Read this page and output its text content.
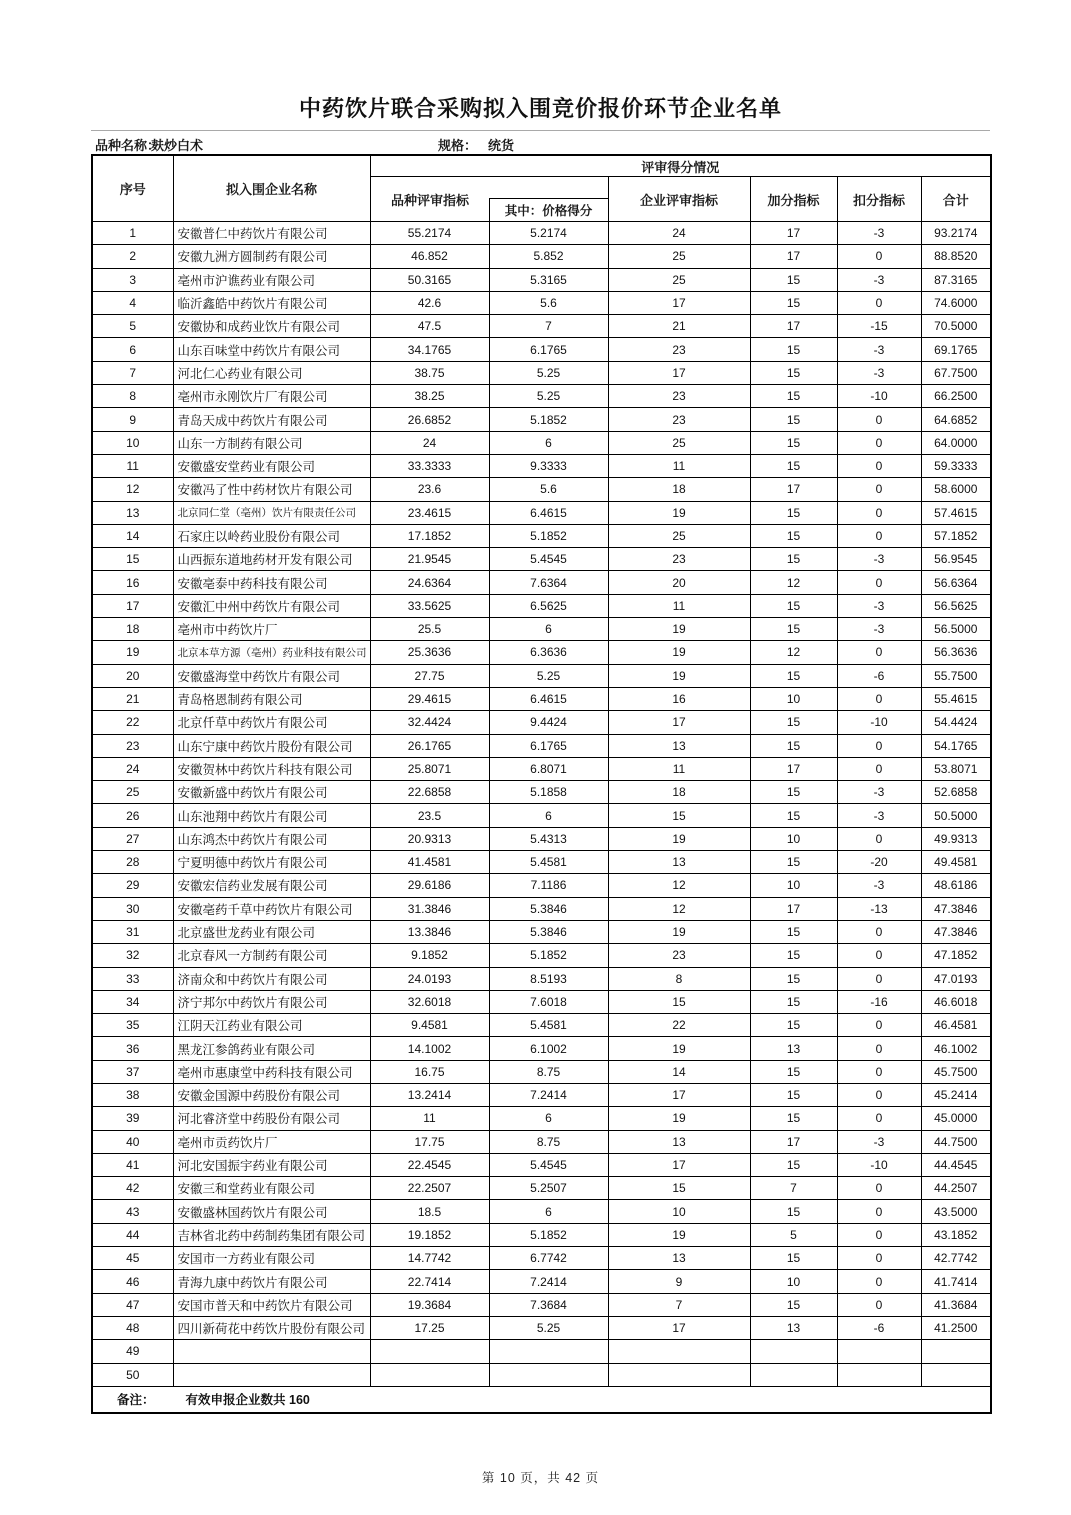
中药饮片联合采购拟入围竞价报价环节企业名单
品种名称：
麸炒白术	规格： 统货
序号	拟入围企业名称	评审得分情况					

品种评审指标
其中：价格得分		企业评审指标	加分指标	扣分指标	合计
1	安徽普仁中药饮片有限公司	55.2174	5.2174	24	17	-3	93.2174
2	安徽九洲方圆制药有限公司	46.852	5.852	25	17	0	88.8520
3	亳州市沪谯药业有限公司	50.3165	5.3165	25	15	-3	87.3165
4	临沂鑫皓中药饮片有限公司	42.6	5.6	17	15	0	74.6000
5	安徽协和成药业饮片有限公司	47.5	7	21	17	-15	70.5000
6	山东百味堂中药饮片有限公司	34.1765	6.1765	23	15	-3	69.1765
7	河北仁心药业有限公司	38.75	5.25	17	15	-3	67.7500
8	亳州市永刚饮片厂有限公司	38.25	5.25	23	15	-10	66.2500
9	青岛天成中药饮片有限公司	26.6852	5.1852	23	15	0	64.6852
10	山东一方制药有限公司	24	6	25	15	0	64.0000
11	安徽盛安堂药业有限公司	33.3333	9.3333	11	15	0	59.3333
12	安徽冯了性中药材饮片有限公司	23.6	5.6	18	17	0	58.6000
13	北京同仁堂（亳州）饮片有限责任公司	23.4615	6.4615	19	15	0	57.4615
14	石家庄以岭药业股份有限公司	17.1852	5.1852	25	15	0	57.1852
15	山西振东道地药材开发有限公司	21.9545	5.4545	23	15	-3	56.9545
16	安徽亳泰中药科技有限公司	24.6364	7.6364	20	12	0	56.6364
17	安徽汇中州中药饮片有限公司	33.5625	6.5625	11	15	-3	56.5625
18	亳州市中药饮片厂	25.5	6	19	15	-3	56.5000
19	北京本草方源（亳州）药业科技有限公司	25.3636	6.3636	19	12	0	56.3636
20	安徽盛海堂中药饮片有限公司	27.75	5.25	19	15	-6	55.7500
21	青岛格恩制药有限公司	29.4615	6.4615	16	10	0	55.4615
22	北京仟草中药饮片有限公司	32.4424	9.4424	17	15	-10	54.4424
23	山东宁康中药饮片股份有限公司	26.1765	6.1765	13	15	0	54.1765
24	安徽贺林中药饮片科技有限公司	25.8071	6.8071	11	17	0	53.8071
25	安徽新盛中药饮片有限公司	22.6858	5.1858	18	15	-3	52.6858
26	山东池翔中药饮片有限公司	23.5	6	15	15	-3	50.5000
27	山东鸿杰中药饮片有限公司	20.9313	5.4313	19	10	0	49.9313
28	宁夏明德中药饮片有限公司	41.4581	5.4581	13	15	-20	49.4581
29	安徽宏信药业发展有限公司	29.6186	7.1186	12	10	-3	48.6186
30	安徽亳药千草中药饮片有限公司	31.3846	5.3846	12	17	-13	47.3846
31	北京盛世龙药业有限公司	13.3846	5.3846	19	15	0	47.3846
32	北京春风一方制药有限公司	9.1852	5.1852	23	15	0	47.1852
33	济南众和中药饮片有限公司	24.0193	8.5193	8	15	0	47.0193
34	济宁邦尔中药饮片有限公司	32.6018	7.6018	15	15	-16	46.6018
35	江阴天江药业有限公司	9.4581	5.4581	22	15	0	46.4581
36	黑龙江参鸽药业有限公司	14.1002	6.1002	19	13	0	46.1002
37	亳州市惠康堂中药科技有限公司	16.75	8.75	14	15	0	45.7500
38	安徽金国源中药股份有限公司	13.2414	7.2414	17	15	0	45.2414
39	河北睿济堂中药股份有限公司	11	6	19	15	0	45.0000
40	亳州市贡药饮片厂	17.75	8.75	13	17	-3	44.7500
41	河北安国振宇药业有限公司	22.4545	5.4545	17	15	-10	44.4545
42	安徽三和堂药业有限公司	22.2507	5.2507	15	7	0	44.2507
43	安徽盛林国药饮片有限公司	18.5	6	10	15	0	43.5000
44	吉林省北药中药制药集团有限公司	19.1852	5.1852	19	5	0	43.1852
45	安国市一方药业有限公司	14.7742	6.7742	13	15	0	42.7742
46	青海九康中药饮片有限公司	22.7414	7.2414	9	10	0	41.7414
47	安国市普天和中药饮片有限公司	19.3684	7.3684	7	15	0	41.3684
48	四川新荷花中药饮片股份有限公司	17.25	5.25	17	13	-6	41.2500
49							
50							
备注： 有效申报企业数共 160							
第 10 页，共 42 页
